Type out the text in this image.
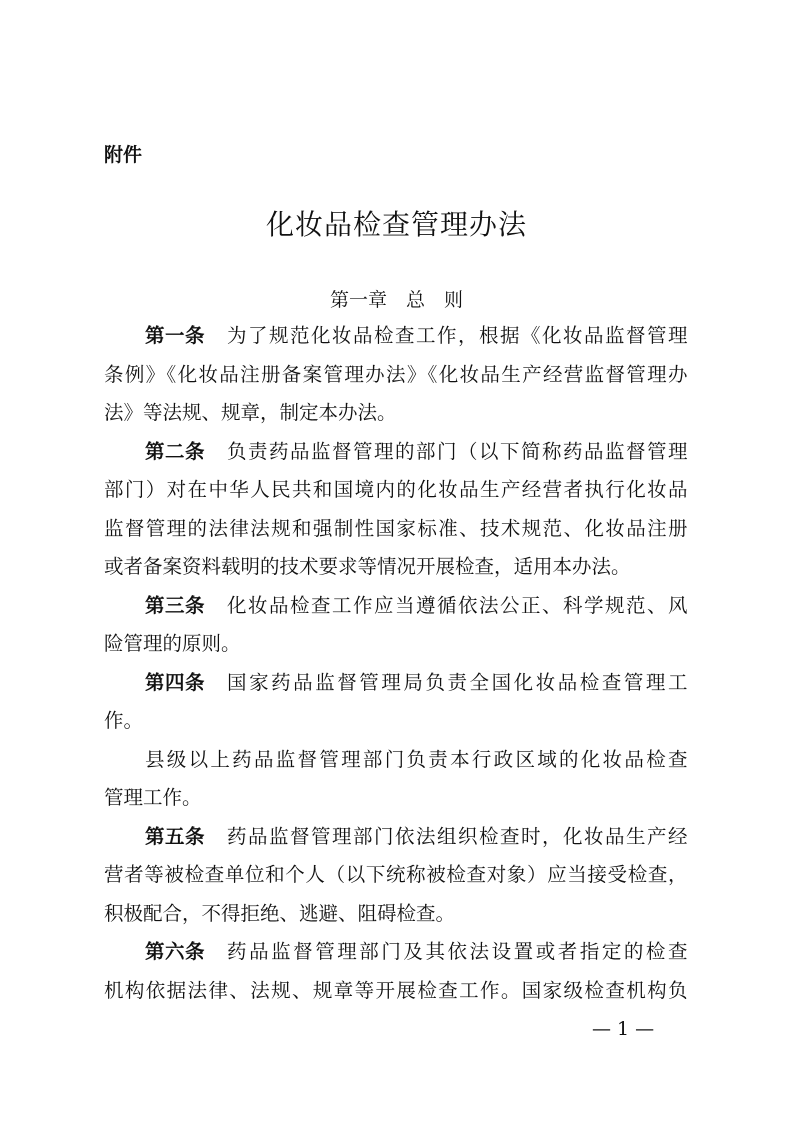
附件
化妆品检查管理办法
第一章　总　则
第一条 为了规范化妆品检查工作，根据《化妆品监督管理
条例》《化妆品注册备案管理办法》《化妆品生产经营监督管理办
法》等法规、规章，制定本办法。
第二条 负责药品监督管理的部门（以下简称药品监督管理
部门）对在中华人民共和国境内的化妆品生产经营者执行化妆品
监督管理的法律法规和强制性国家标准、技术规范、化妆品注册
或者备案资料载明的技术要求等情况开展检查，适用本办法。
第三条 化妆品检查工作应当遵循依法公正、科学规范、风
险管理的原则。
第四条 国家药品监督管理局负责全国化妆品检查管理工
作。
县级以上药品监督管理部门负责本行政区域的化妆品检查
管理工作。
第五条 药品监督管理部门依法组织检查时，化妆品生产经
营者等被检查单位和个人（以下统称被检查对象）应当接受检查，
积极配合，不得拒绝、逃避、阻碍检查。
第六条 药品监督管理部门及其依法设置或者指定的检查
机构依据法律、法规、规章等开展检查工作。国家级检查机构负
— 1 —
